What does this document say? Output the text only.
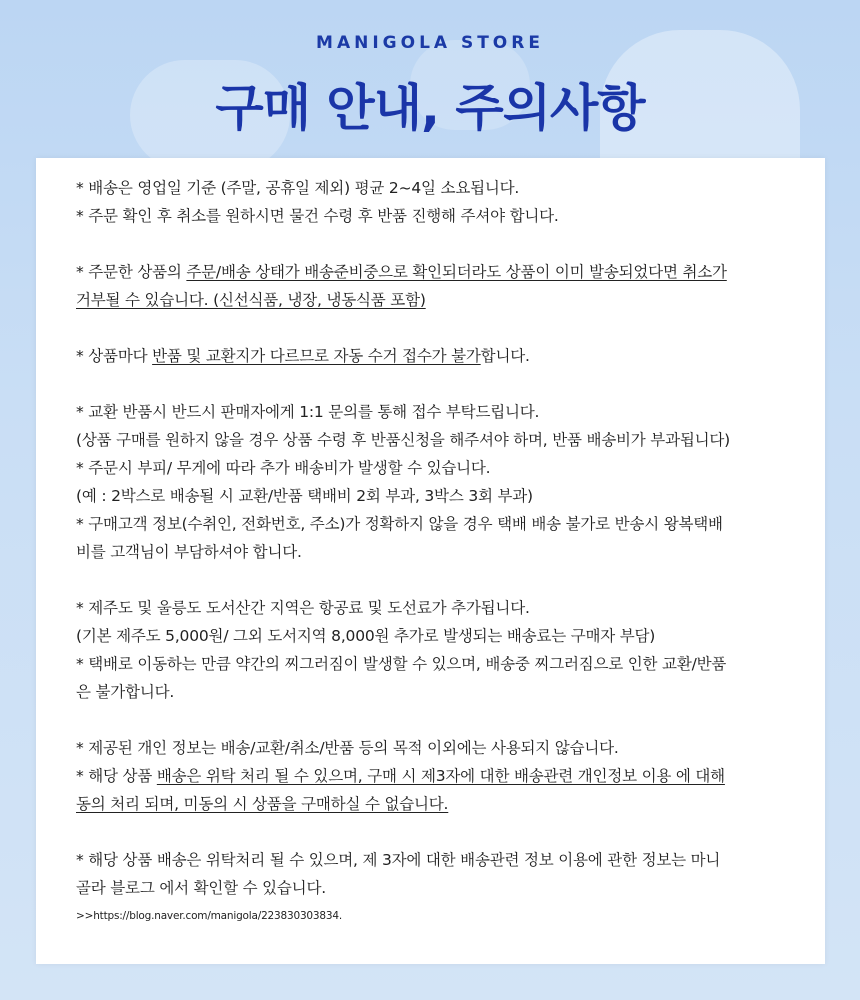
MANIGOLA STORE
구매 안내, 주의사항
* 배송은 영업일 기준 (주말, 공휴일 제외) 평균 2~4일 소요됩니다.
* 주문 확인 후 취소를 원하시면 물건 수령 후 반품 진행해 주셔야 합니다.
* 주문한 상품의 주문/배송 상태가 배송준비중으로 확인되더라도 상품이 이미 발송되었다면 취소가
거부될 수 있습니다. (신선식품, 냉장, 냉동식품 포함)
* 상품마다 반품 및 교환지가 다르므로 자동 수거 접수가 불가합니다.
* 교환 반품시 반드시 판매자에게 1:1 문의를 통해 접수 부탁드립니다.
(상품 구매를 원하지 않을 경우 상품 수령 후 반품신청을 해주셔야 하며, 반품 배송비가 부과됩니다)
* 주문시 부피/ 무게에 따라 추가 배송비가 발생할 수 있습니다.
(예 : 2박스로 배송될 시 교환/반품 택배비 2회 부과, 3박스 3회 부과)
* 구매고객 정보(수취인, 전화번호, 주소)가 정확하지 않을 경우 택배 배송 불가로 반송시 왕복택배
비를 고객님이 부담하셔야 합니다.
* 제주도 및 울릉도 도서산간 지역은 항공료 및 도선료가 추가됩니다.
(기본 제주도 5,000원/ 그외 도서지역 8,000원 추가로 발생되는 배송료는 구매자 부담)
* 택배로 이동하는 만큼 약간의 찌그러짐이 발생할 수 있으며, 배송중 찌그러짐으로 인한 교환/반품
은 불가합니다.
* 제공된 개인 정보는 배송/교환/취소/반품 등의 목적 이외에는 사용되지 않습니다.
* 해당 상품 배송은 위탁 처리 될 수 있으며, 구매 시 제3자에 대한 배송관련 개인정보 이용 에 대해
동의 처리 되며, 미동의 시 상품을 구매하실 수 없습니다.
* 해당 상품 배송은 위탁처리 될 수 있으며, 제 3자에 대한 배송관련 정보 이용에 관한 정보는 마니
골라 블로그 에서 확인할 수 있습니다.
>>https://blog.naver.com/manigola/223830303834.
